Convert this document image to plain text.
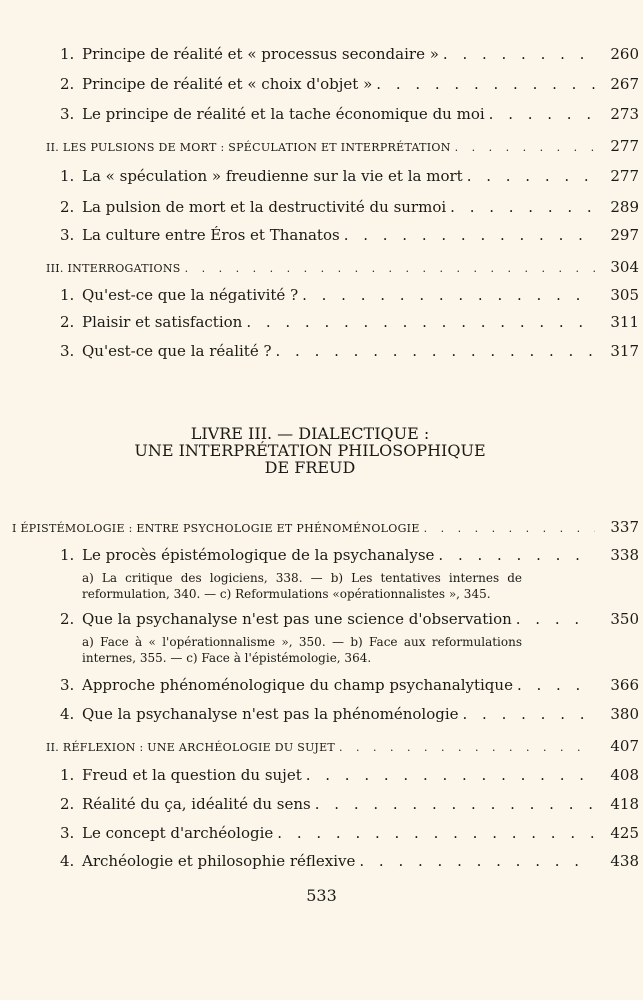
1. Principe de réalité et « processus secondaire » . . .	260
2. Principe de réalité et « choix d'objet » . . .	267
3. Le principe de réalité et la tache économique du moi . . .	273
II. LES PULSIONS DE MORT : SPÉCULATION ET INTERPRÉTATION . . .	277
1. La « spéculation » freudienne sur la vie et la mort . . .	277
2. La pulsion de mort et la destructivité du surmoi . . .	289
3. La culture entre Éros et Thanatos . . .	297
III. INTERROGATIONS . . .	304
1. Qu'est-ce que la négativité ? . . .	305
2. Plaisir et satisfaction . . .	311
3. Qu'est-ce que la réalité ? . . .	317
LIVRE III. — DIALECTIQUE :
UNE INTERPRÉTATION PHILOSOPHIQUE
DE FREUD
I ÉPISTÉMOLOGIE : ENTRE PSYCHOLOGIE ET PHÉNOMÉNOLOGIE . . .	337
1. Le procès épistémologique de la psychanalyse . . .	338
a) La critique des logiciens, 338. — b) Les tentatives internes de reformulation, 340. — c) Reformulations «opérationnalistes », 345.
2. Que la psychanalyse n'est pas une science d'observation . . .	350
a) Face à « l'opérationnalisme », 350. — b) Face aux reformulations internes, 355. — c) Face à l'épistémologie, 364.
3. Approche phénoménologique du champ psychanalytique . . .	366
4. Que la psychanalyse n'est pas la phénoménologie . . .	380
II. RÉFLEXION : UNE ARCHÉOLOGIE DU SUJET . . .	407
1. Freud et la question du sujet . . .	408
2. Réalité du ça, idéalité du sens . . .	418
3. Le concept d'archéologie . . .	425
4. Archéologie et philosophie réflexive . . .	438
533
